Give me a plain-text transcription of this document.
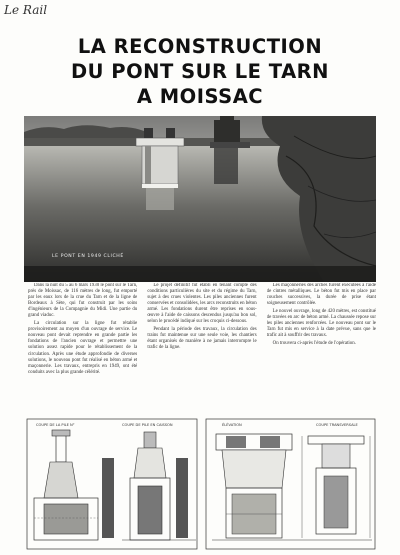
Le Rail
LA RECONSTRUCTION
DU PONT SUR LE TARN
A MOISSAC
LE PONT EN 1949 CLICHÉ

Dans la nuit du 5 au 6 mars 1930 le pont sur le Tarn, près de Moissac, de 116 mètres de long, fut emporté par les eaux lors de la crue du Tarn et de la ligne de Bordeaux à Sète, qui fut construit par les soins d'ingénieurs de la Compagnie du Midi. Une partie du grand viaduc.

La circulation sur la ligne fut rétablie provisoirement au moyen d'un ouvrage de service. Le nouveau pont devait reprendre en grande partie les fondations de l'ancien ouvrage et permettre une solution assez rapide pour le rétablissement de la circulation. Après une étude approfondie de diverses solutions, le nouveau pont fut réalisé en béton armé et maçonnerie. Les travaux, entrepris en 1949, ont été conduits avec la plus grande célérité.

Le projet définitif fut établi en tenant compte des conditions particulières du site et du régime du Tarn, sujet à des crues violentes. Les piles anciennes furent conservées et consolidées, les arcs reconstruits en béton armé. Les fondations durent être reprises en sous-œuvre à l'aide de caissons descendus jusqu'au bon sol, selon le procédé indiqué sur les croquis ci-dessous.

Pendant la période des travaux, la circulation des trains fut maintenue sur une seule voie, les chantiers étant organisés de manière à ne jamais interrompre le trafic de la ligne.

Les maçonneries des arches furent exécutées à l'aide de cintres métalliques. Le béton fut mis en place par couches successives, la durée de prise étant soigneusement contrôlée.

Le nouvel ouvrage, long de 420 mètres, est constitué de travées en arc de béton armé. La chaussée repose sur les piles anciennes renforcées. Le nouveau pont sur le Tarn fut mis en service à la date prévue, sans que le trafic ait à souffrir des travaux.

On trouvera ci-après l'étude de l'opération.

COUPE DE LA PILE N°	COUPE DE PILE EN CAISSON	ÉLÉVATION	COUPE TRANSVERSALE
